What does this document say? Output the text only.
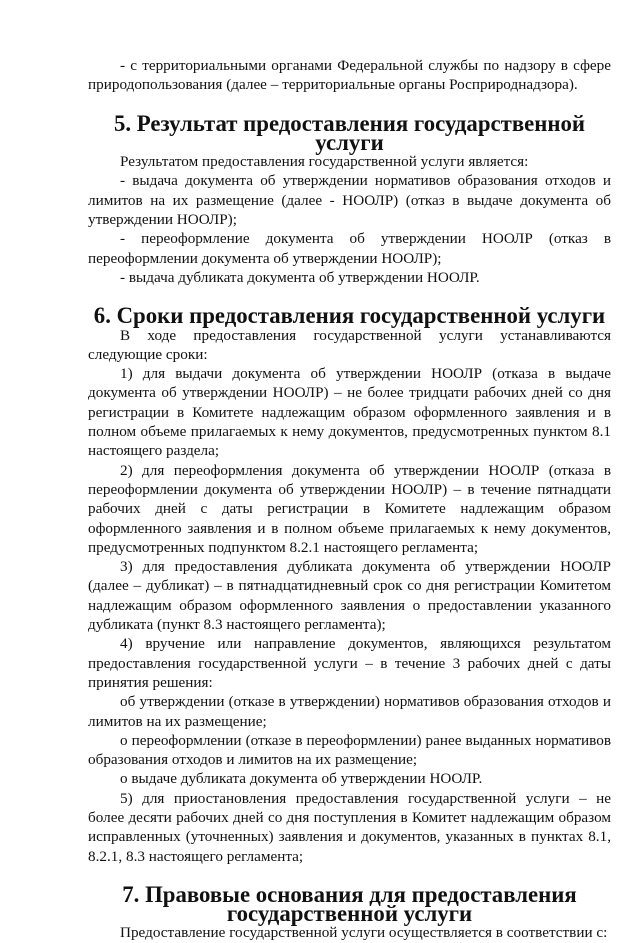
- с территориальными органами Федеральной службы по надзору в сфере природопользования (далее – территориальные органы Росприроднадзора).

5. Результат предоставления государственной услуги

Результатом предоставления государственной услуги является:

- выдача документа об утверждении нормативов образования отходов и лимитов на их размещение (далее - НООЛР) (отказ в выдаче документа об утверждении НООЛР);

- переоформление документа об утверждении НООЛР (отказ в переоформлении документа об утверждении НООЛР);

- выдача дубликата документа об утверждении НООЛР.

6. Сроки предоставления государственной услуги

В ходе предоставления государственной услуги устанавливаются следующие сроки:

1) для выдачи документа об утверждении НООЛР (отказа в выдаче документа об утверждении НООЛР) – не более тридцати рабочих дней со дня регистрации в Комитете надлежащим образом оформленного заявления и в полном объеме прилагаемых к нему документов, предусмотренных пунктом 8.1 настоящего раздела;

2) для переоформления документа об утверждении НООЛР (отказа в переоформлении документа об утверждении НООЛР) – в течение пятнадцати рабочих дней с даты регистрации в Комитете надлежащим образом оформленного заявления и в полном объеме прилагаемых к нему документов, предусмотренных подпунктом 8.2.1 настоящего регламента;

3) для предоставления дубликата документа об утверждении НООЛР (далее – дубликат) – в пятнадцатидневный срок со дня регистрации Комитетом надлежащим образом оформленного заявления о предоставлении указанного дубликата (пункт 8.3 настоящего регламента);

4) вручение или направление документов, являющихся результатом предоставления государственной услуги – в течение 3 рабочих дней с даты принятия решения:

об утверждении (отказе в утверждении) нормативов образования отходов и лимитов на их размещение;

о переоформлении (отказе в переоформлении) ранее выданных нормативов образования отходов и лимитов на их размещение;

о выдаче дубликата документа об утверждении НООЛР.

5) для приостановления предоставления государственной услуги – не более десяти рабочих дней со дня поступления в Комитет надлежащим образом исправленных (уточненных) заявления и документов, указанных в пунктах 8.1, 8.2.1, 8.3 настоящего регламента;

7. Правовые основания для предоставления государственной услуги

Предоставление государственной услуги осуществляется в соответствии с:
